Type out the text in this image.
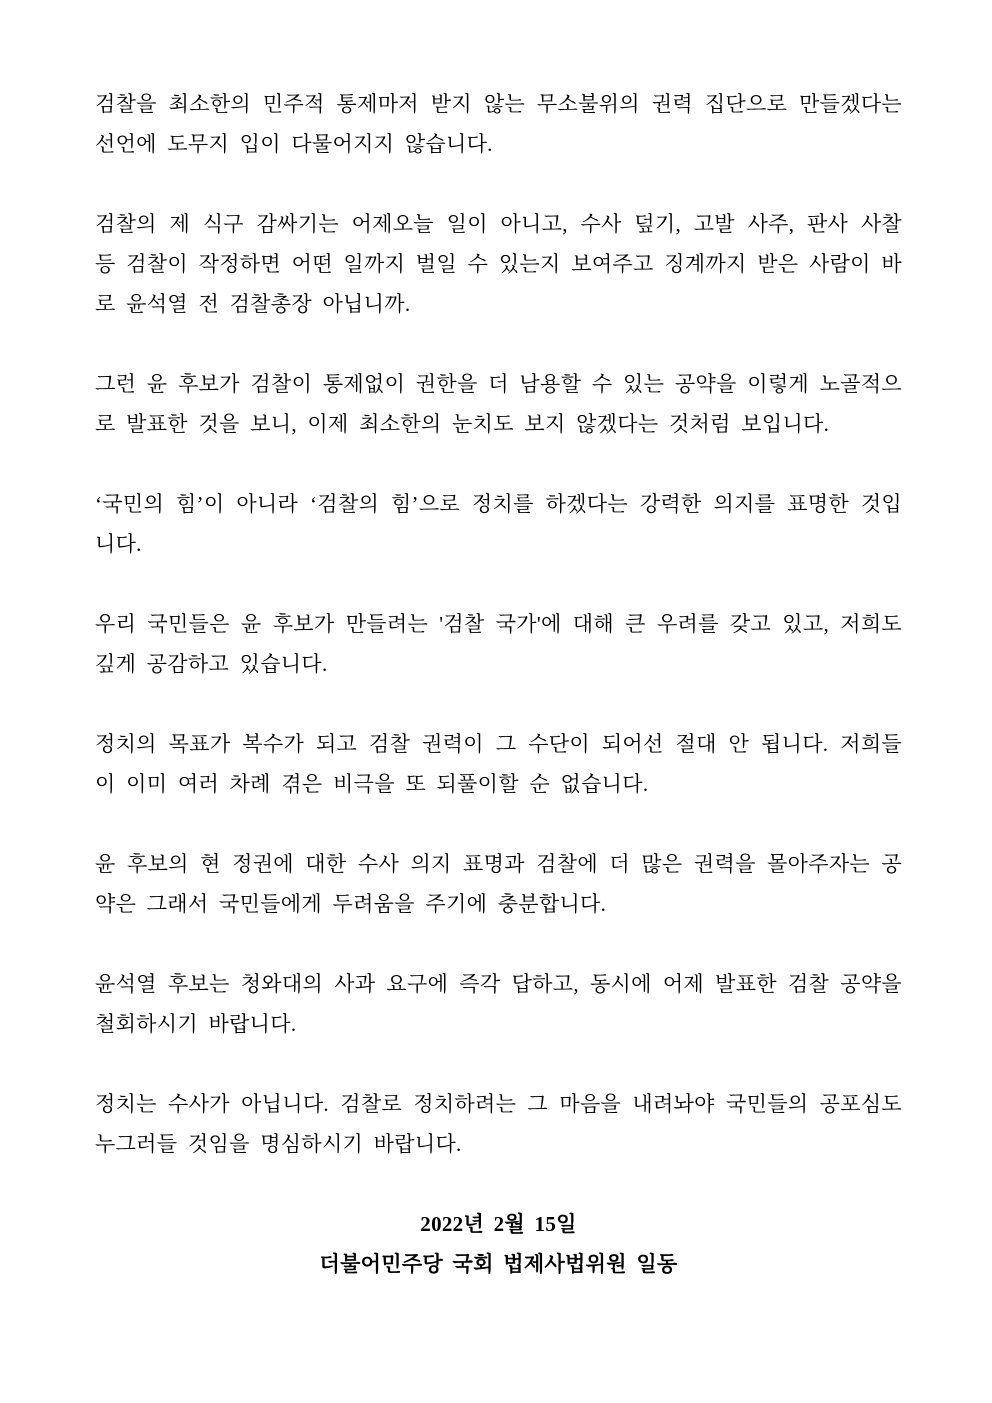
검찰을 최소한의 민주적 통제마저 받지 않는 무소불위의 권력 집단으로 만들겠다는 선언에 도무지 입이 다물어지지 않습니다.

검찰의 제 식구 감싸기는 어제오늘 일이 아니고, 수사 덮기, 고발 사주, 판사 사찰 등 검찰이 작정하면 어떤 일까지 벌일 수 있는지 보여주고 징계까지 받은 사람이 바로 윤석열 전 검찰총장 아닙니까.

그런 윤 후보가 검찰이 통제없이 권한을 더 남용할 수 있는 공약을 이렇게 노골적으로 발표한 것을 보니, 이제 최소한의 눈치도 보지 않겠다는 것처럼 보입니다.

‘국민의 힘’이 아니라 ‘검찰의 힘’으로 정치를 하겠다는 강력한 의지를 표명한 것입니다.

우리 국민들은 윤 후보가 만들려는 '검찰 국가'에 대해 큰 우려를 갖고 있고, 저희도 깊게 공감하고 있습니다.

정치의 목표가 복수가 되고 검찰 권력이 그 수단이 되어선 절대 안 됩니다. 저희들이 이미 여러 차례 겪은 비극을 또 되풀이할 순 없습니다.

윤 후보의 현 정권에 대한 수사 의지 표명과 검찰에 더 많은 권력을 몰아주자는 공약은 그래서 국민들에게 두려움을 주기에 충분합니다.

윤석열 후보는 청와대의 사과 요구에 즉각 답하고, 동시에 어제 발표한 검찰 공약을 철회하시기 바랍니다.

정치는 수사가 아닙니다. 검찰로 정치하려는 그 마음을 내려놔야 국민들의 공포심도 누그러들 것임을 명심하시기 바랍니다.

2022년 2월 15일

더불어민주당 국회 법제사법위원 일동
